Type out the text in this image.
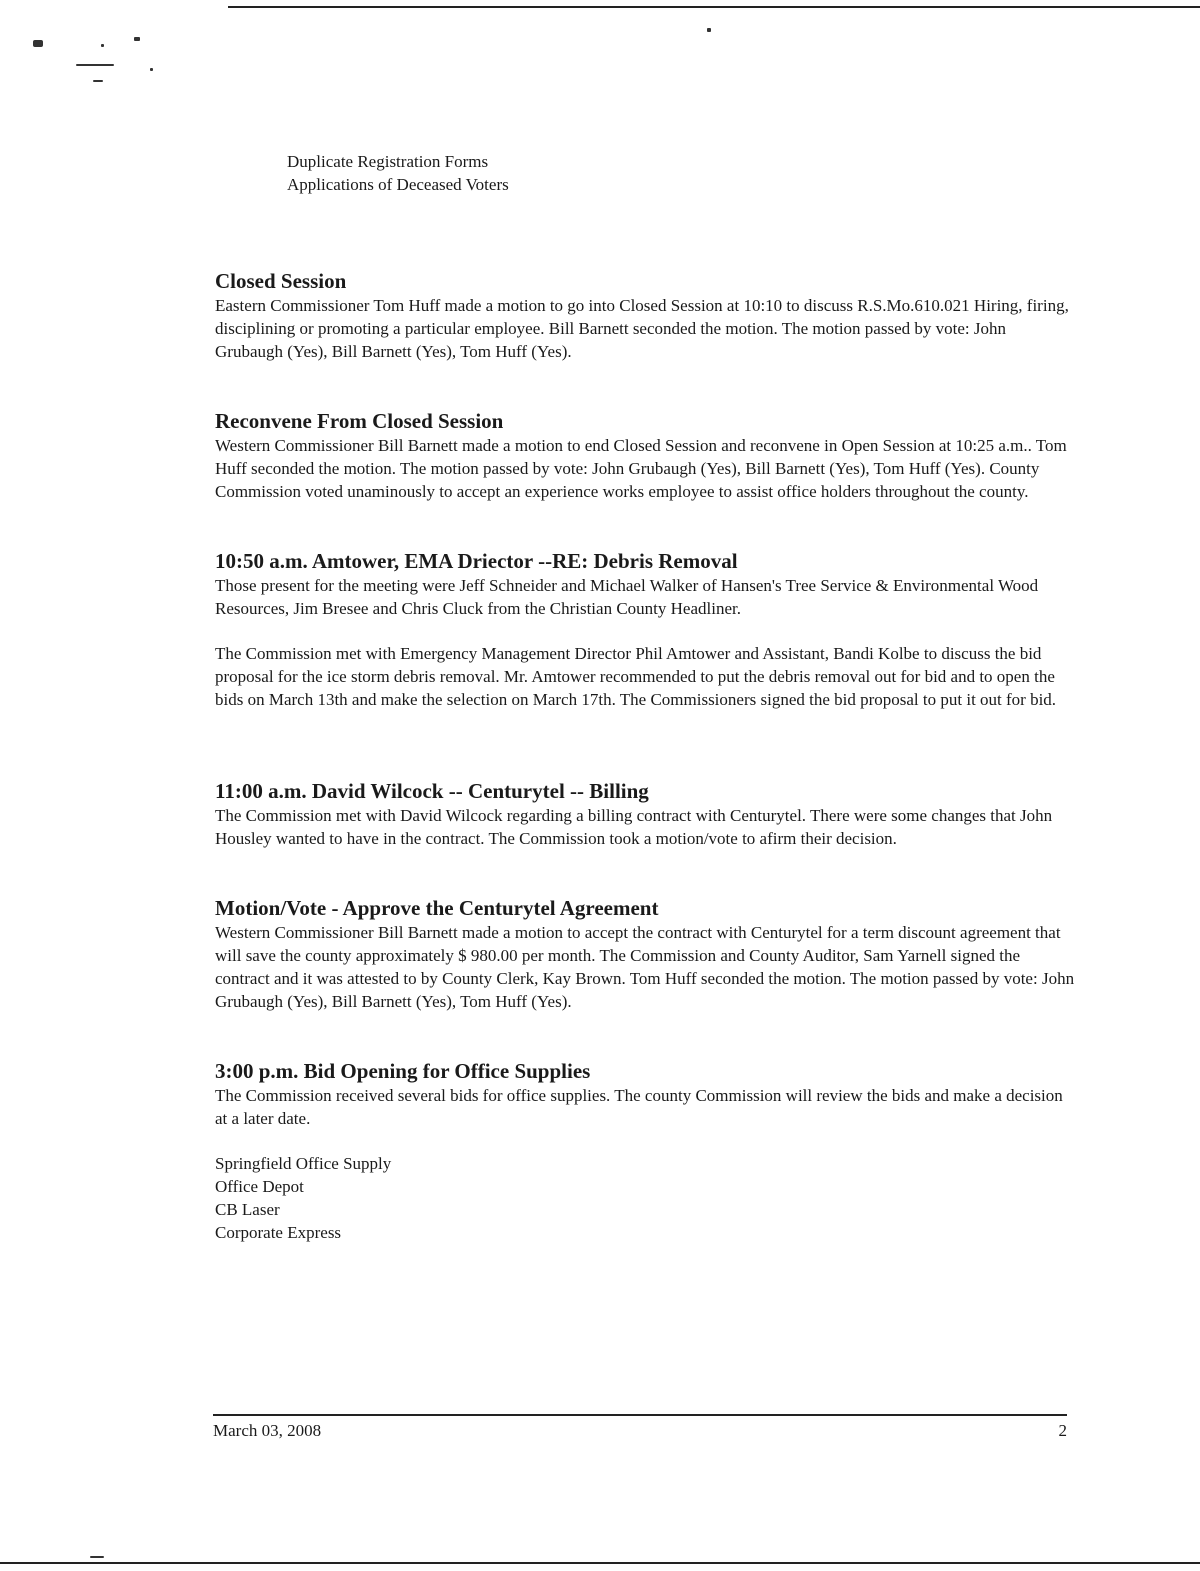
Duplicate Registration Forms
Applications of Deceased Voters
Closed Session

Eastern Commissioner Tom Huff made a motion to go into Closed Session at 10:10 to discuss R.S.Mo.610.021 Hiring, firing, disciplining or promoting a particular employee. Bill Barnett seconded the motion. The motion passed by vote: John Grubaugh (Yes), Bill Barnett (Yes), Tom Huff (Yes).

Reconvene From Closed Session

Western Commissioner Bill Barnett made a motion to end Closed Session and reconvene in Open Session at 10:25 a.m.. Tom Huff seconded the motion. The motion passed by vote: John Grubaugh (Yes), Bill Barnett (Yes), Tom Huff (Yes). County Commission voted unaminously to accept an experience works employee to assist office holders throughout the county.

10:50 a.m. Amtower, EMA Driector --RE: Debris Removal

Those present for the meeting were Jeff Schneider and Michael Walker of Hansen's Tree Service & Environmental Wood Resources, Jim Bresee and Chris Cluck from the Christian County Headliner.

The Commission met with Emergency Management Director Phil Amtower and Assistant, Bandi Kolbe to discuss the bid proposal for the ice storm debris removal. Mr. Amtower recommended to put the debris removal out for bid and to open the bids on March 13th and make the selection on March 17th. The Commissioners signed the bid proposal to put it out for bid.

11:00 a.m. David Wilcock -- Centurytel -- Billing

The Commission met with David Wilcock regarding a billing contract with Centurytel. There were some changes that John Housley wanted to have in the contract. The Commission took a motion/vote to afirm their decision.

Motion/Vote - Approve the Centurytel Agreement

Western Commissioner Bill Barnett made a motion to accept the contract with Centurytel for a term discount agreement that will save the county approximately $ 980.00 per month. The Commission and County Auditor, Sam Yarnell signed the contract and it was attested to by County Clerk, Kay Brown. Tom Huff seconded the motion. The motion passed by vote: John Grubaugh (Yes), Bill Barnett (Yes), Tom Huff (Yes).

3:00 p.m. Bid Opening for Office Supplies

The Commission received several bids for office supplies. The county Commission will review the bids and make a decision at a later date.

Springfield Office Supply
Office Depot
CB Laser
Corporate Express
March 03, 2008	2
